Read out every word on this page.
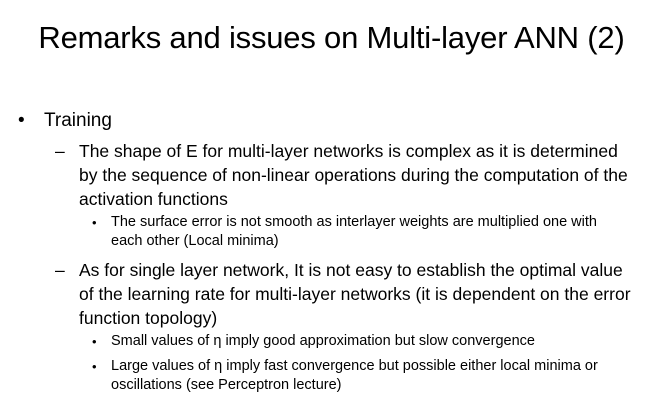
Remarks and issues on Multi-layer ANN (2)
• Training
– The shape of E for multi-layer networks is complex as it is determined by the sequence of non-linear operations during the computation of the activation functions
• The surface error is not smooth as interlayer weights are multiplied one with each other (Local minima)
– As for single layer network, It is not easy to establish the optimal value of the learning rate for multi-layer networks (it is dependent on the error function topology)
• Small values of η imply good approximation but slow convergence
• Large values of η imply fast convergence but possible either local minima or oscillations (see Perceptron lecture)
